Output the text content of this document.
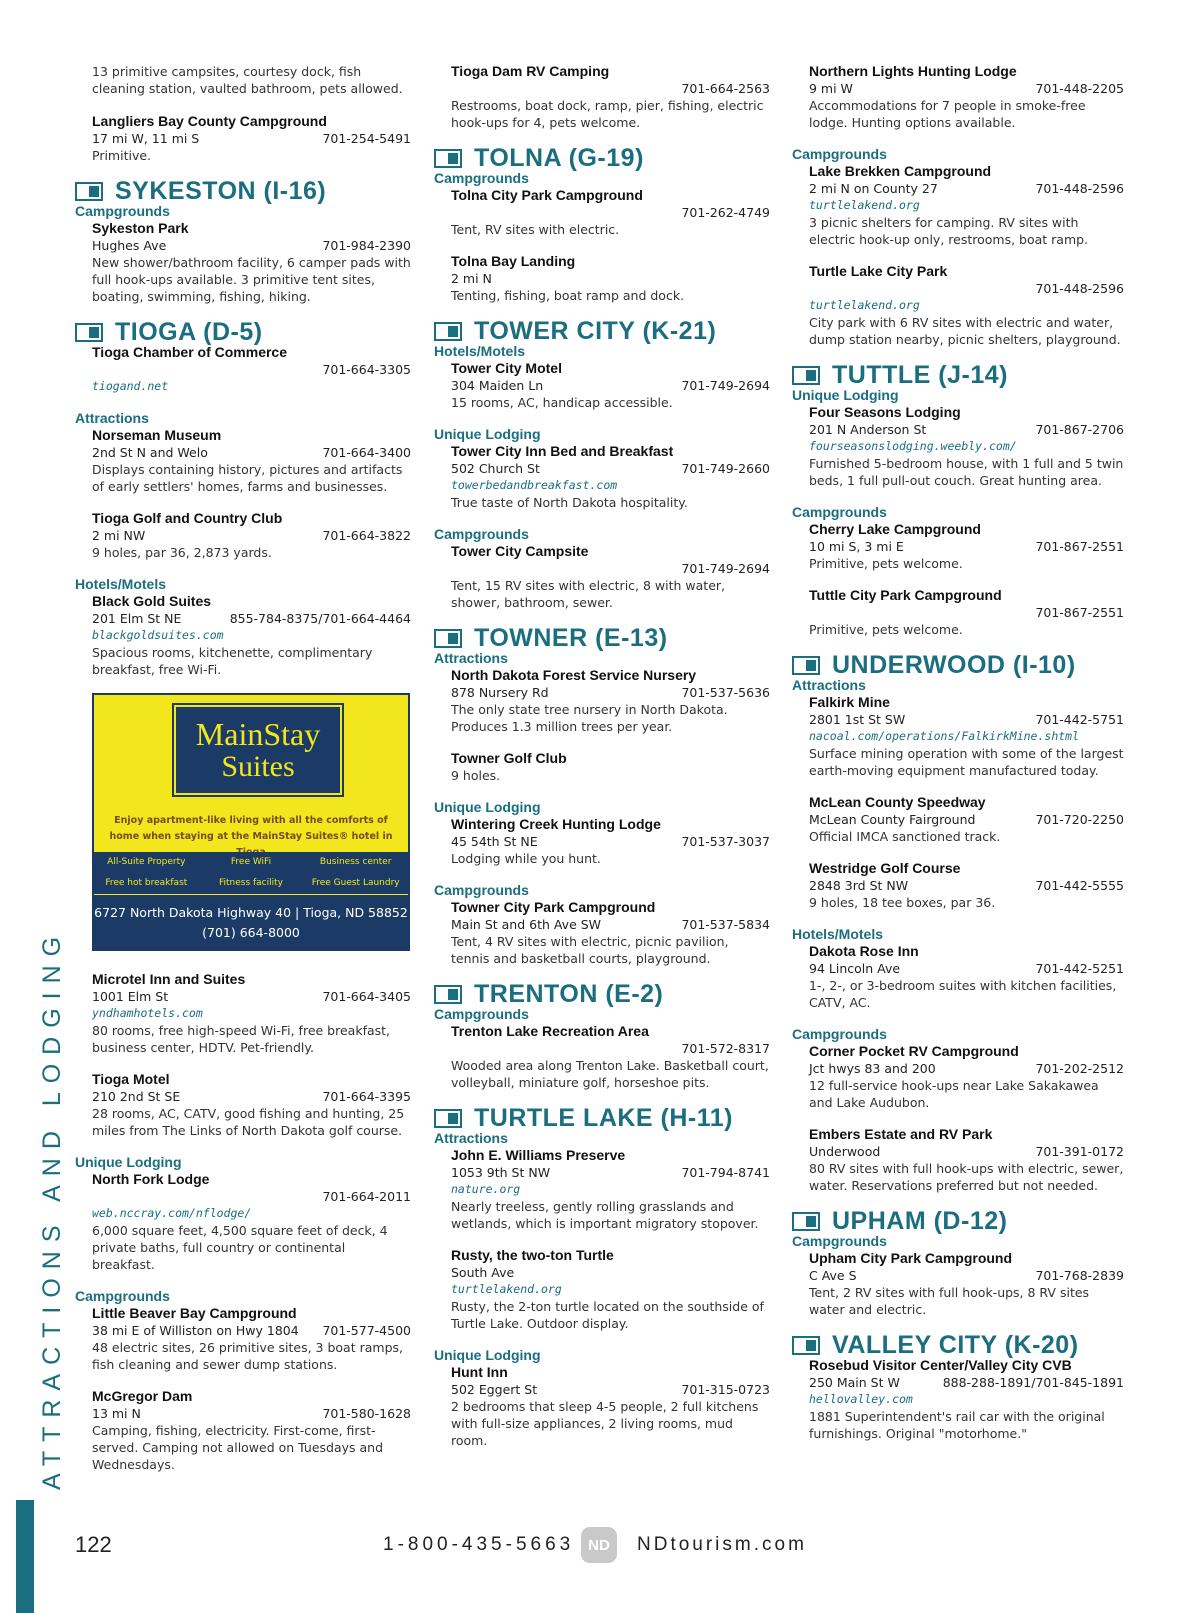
ATTRACTIONS AND LODGING
13 primitive campsites, courtesy dock, fish cleaning station, vaulted bathroom, pets allowed.
Langliers Bay County Campground
17 mi W, 11 mi S	701-254-5491
Primitive.
SYKESTON (I-16)
Campgrounds
Sykeston Park
Hughes Ave	701-984-2390
New shower/bathroom facility, 6 camper pads with full hook-ups available. 3 primitive tent sites, boating, swimming, fishing, hiking.
TIOGA (D-5)
Tioga Chamber of Commerce
701-664-3305
tiogand.net
Attractions
Norseman Museum
2nd St N and Welo	701-664-3400
Displays containing history, pictures and artifacts of early settlers' homes, farms and businesses.
Tioga Golf and Country Club
2 mi NW	701-664-3822
9 holes, par 36, 2,873 yards.
Hotels/Motels
Black Gold Suites
201 Elm St NE	855-784-8375/701-664-4464
blackgoldsuites.com
Spacious rooms, kitchenette, complimentary breakfast, free Wi-Fi.
MainStay
Suites
Enjoy apartment-like living with all the comforts of home when staying at the MainStay Suites® hotel in
All-Suite Property	Free WiFi	Business center
Free hot breakfast	Fitness facility	Free Guest Laundry
6727 North Dakota Highway 40 | Tioga, ND 58852
(701) 664-8000
Microtel Inn and Suites
1001 Elm St	701-664-3405
yndhamhotels.com
80 rooms, free high-speed Wi-Fi, free breakfast, business center, HDTV. Pet-friendly.
Tioga Motel
210 2nd St SE	701-664-3395
28 rooms, AC, CATV, good fishing and hunting, 25 miles from The Links of North Dakota golf course.
Unique Lodging
North Fork Lodge
701-664-2011
web.nccray.com/nflodge/
6,000 square feet, 4,500 square feet of deck, 4 private baths, full country or continental breakfast.
Campgrounds
Little Beaver Bay Campground
38 mi E of Williston on Hwy 1804 701-577-4500
48 electric sites, 26 primitive sites, 3 boat ramps, fish cleaning and sewer dump stations.
McGregor Dam
13 mi N	701-580-1628
Camping, fishing, electricity. First-come, first-served. Camping not allowed on Tuesdays and Wednesdays.
Tioga Dam RV Camping
701-664-2563
Restrooms, boat dock, ramp, pier, fishing, electric hook-ups for 4, pets welcome.
TOLNA (G-19)
Campgrounds
Tolna City Park Campground
701-262-4749
Tent, RV sites with electric.
Tolna Bay Landing
2 mi N
Tenting, fishing, boat ramp and dock.
TOWER CITY (K-21)
Hotels/Motels
Tower City Motel
304 Maiden Ln	701-749-2694
15 rooms, AC, handicap accessible.
Unique Lodging
Tower City Inn Bed and Breakfast
502 Church St	701-749-2660
towerbedandbreakfast.com
True taste of North Dakota hospitality.
Campgrounds
Tower City Campsite
701-749-2694
Tent, 15 RV sites with electric, 8 with water, shower, bathroom, sewer.
TOWNER (E-13)
Attractions
North Dakota Forest Service Nursery
878 Nursery Rd	701-537-5636
The only state tree nursery in North Dakota. Produces 1.3 million trees per year.
Towner Golf Club
9 holes.
Unique Lodging
Wintering Creek Hunting Lodge
45 54th St NE	701-537-3037
Lodging while you hunt.
Campgrounds
Towner City Park Campground
Main St and 6th Ave SW	701-537-5834
Tent, 4 RV sites with electric, picnic pavilion, tennis and basketball courts, playground.
TRENTON (E-2)
Campgrounds
Trenton Lake Recreation Area
701-572-8317
Wooded area along Trenton Lake. Basketball court, volleyball, miniature golf, horseshoe pits.
TURTLE LAKE (H-11)
Attractions
John E. Williams Preserve
1053 9th St NW	701-794-8741
nature.org
Nearly treeless, gently rolling grasslands and wetlands, which is important migratory stopover.
Rusty, the two-ton Turtle
South Ave
turtlelakend.org
Rusty, the 2-ton turtle located on the southside of Turtle Lake. Outdoor display.
Unique Lodging
Hunt Inn
502 Eggert St	701-315-0723
2 bedrooms that sleep 4-5 people, 2 full kitchens with full-size appliances, 2 living rooms, mud room.
Northern Lights Hunting Lodge
9 mi W	701-448-2205
Accommodations for 7 people in smoke-free lodge. Hunting options available.
Campgrounds
Lake Brekken Campground
2 mi N on County 27	701-448-2596
turtlelakend.org
3 picnic shelters for camping. RV sites with electric hook-up only, restrooms, boat ramp.
Turtle Lake City Park
701-448-2596
turtlelakend.org
City park with 6 RV sites with electric and water, dump station nearby, picnic shelters, playground.
TUTTLE (J-14)
Unique Lodging
Four Seasons Lodging
201 N Anderson St	701-867-2706
fourseasonslodging.weebly.com/
Furnished 5-bedroom house, with 1 full and 5 twin beds, 1 full pull-out couch. Great hunting area.
Campgrounds
Cherry Lake Campground
10 mi S, 3 mi E	701-867-2551
Primitive, pets welcome.
Tuttle City Park Campground
701-867-2551
Primitive, pets welcome.
UNDERWOOD (I-10)
Attractions
Falkirk Mine
2801 1st St SW	701-442-5751
nacoal.com/operations/FalkirkMine.shtml
Surface mining operation with some of the largest earth-moving equipment manufactured today.
McLean County Speedway
McLean County Fairground	701-720-2250
Official IMCA sanctioned track.
Westridge Golf Course
2848 3rd St NW	701-442-5555
9 holes, 18 tee boxes, par 36.
Hotels/Motels
Dakota Rose Inn
94 Lincoln Ave	701-442-5251
1-, 2-, or 3-bedroom suites with kitchen facilities, CATV, AC.
Campgrounds
Corner Pocket RV Campground
Jct hwys 83 and 200	701-202-2512
12 full-service hook-ups near Lake Sakakawea and Lake Audubon.
Embers Estate and RV Park
Underwood	701-391-0172
80 RV sites with full hook-ups with electric, sewer, water. Reservations preferred but not needed.
UPHAM (D-12)
Campgrounds
Upham City Park Campground
C Ave S	701-768-2839
Tent, 2 RV sites with full hook-ups, 8 RV sites water and electric.
VALLEY CITY (K-20)
Rosebud Visitor Center/Valley City CVB
250 Main St W	888-288-1891/701-845-1891
hellovalley.com
1881 Superintendent's rail car with the original furnishings. Original "motorhome."
122	1-800-435-5663 ND	NDtourism.com
